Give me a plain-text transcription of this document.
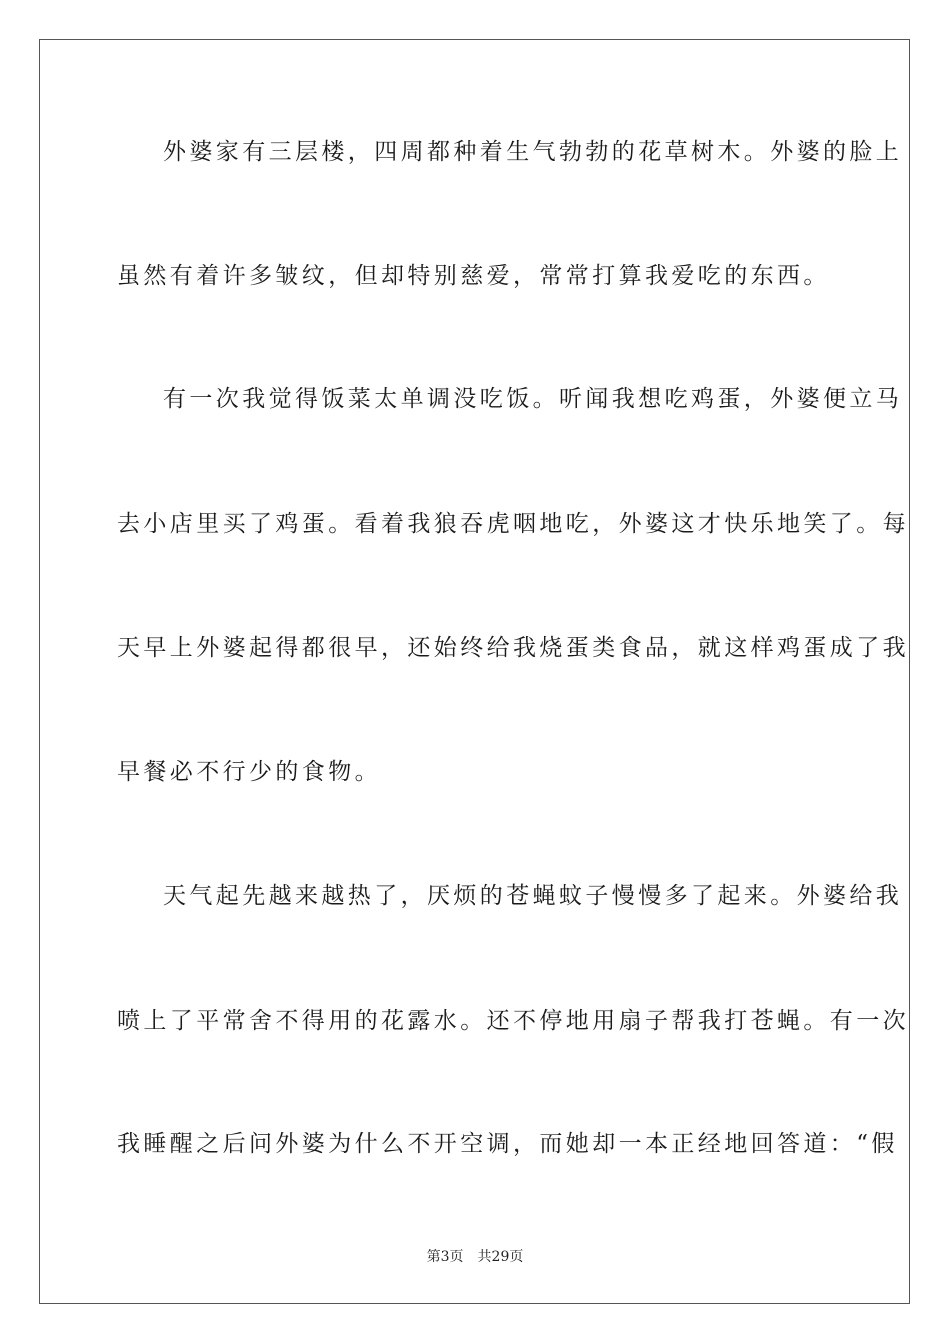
外婆家有三层楼，四周都种着生气勃勃的花草树木。外婆的脸上
虽然有着许多皱纹，但却特别慈爱，常常打算我爱吃的东西。
有一次我觉得饭菜太单调没吃饭。听闻我想吃鸡蛋，外婆便立马
去小店里买了鸡蛋。看着我狼吞虎咽地吃，外婆这才快乐地笑了。每
天早上外婆起得都很早，还始终给我烧蛋类食品，就这样鸡蛋成了我
早餐必不行少的食物。
天气起先越来越热了，厌烦的苍蝇蚊子慢慢多了起来。外婆给我
喷上了平常舍不得用的花露水。还不停地用扇子帮我打苍蝇。有一次
我睡醒之后问外婆为什么不开空调，而她却一本正经地回答道：“假
第3页 共29页
